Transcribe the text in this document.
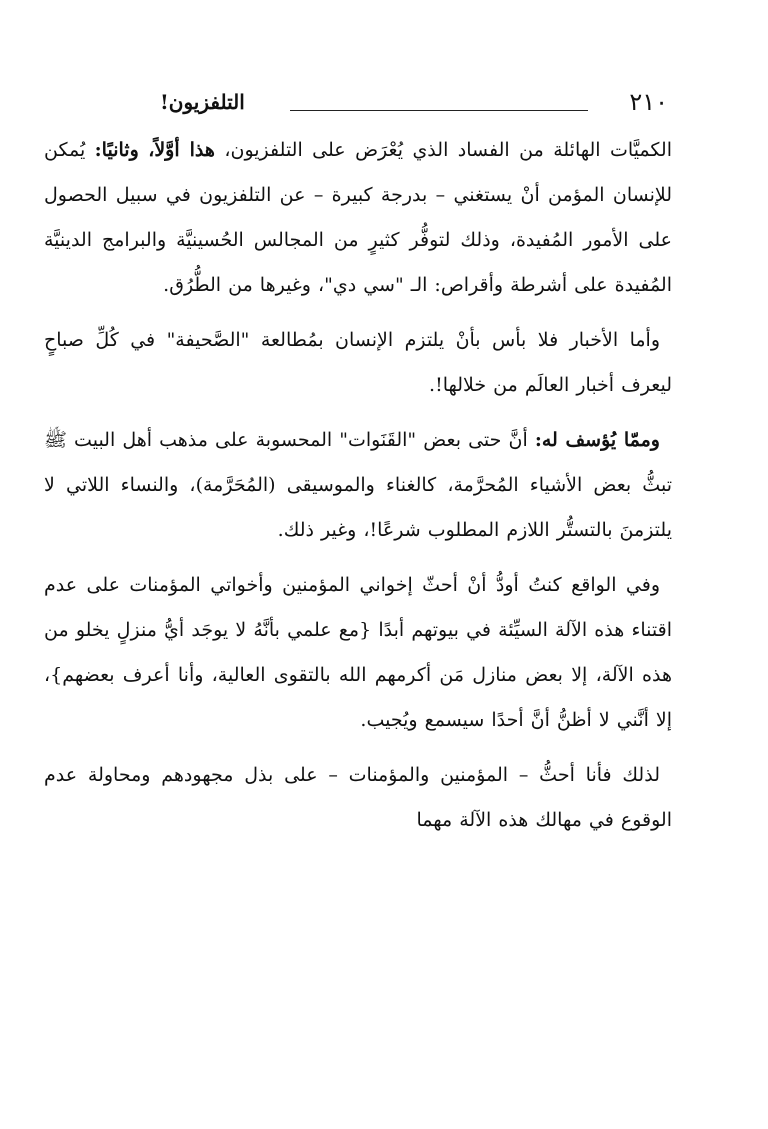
٢١٠
التلفزيون!

الكميَّات الهائلة من الفساد الذي يُعْرَض على التلفزيون، هذا أوَّلاً، وثانيًا: يُمكن للإنسان المؤمن أنْ يستغني – بدرجة كبيرة – عن التلفزيون في سبيل الحصول على الأمور المُفيدة، وذلك لتوفُّر كثيرٍ من المجالس الحُسينيَّة والبرامج الدينيَّة المُفيدة على أشرطة وأقراص: الـ "سي دي"، وغيرها من الطُّرُق.

وأما الأخبار فلا بأس بأنْ يلتزم الإنسان بمُطالعة "الصَّحيفة" في كُلِّ صباحٍ ليعرف أخبار العالَم من خلالها!.

وممّا يُؤسف له: أنَّ حتى بعض "القَنَوات" المحسوبة على مذهب أهل البيت ﷺ تبثُّ بعض الأشياء المُحرَّمة، كالغناء والموسيقى (المُحَرَّمة)، والنساء اللاتي لا يلتزمنَ بالتستُّر اللازم المطلوب شرعًا!، وغير ذلك.

وفي الواقع كنتُ أودُّ أنْ أحثّ إخواني المؤمنين وأخواتي المؤمنات على عدم اقتناء هذه الآلة السيِّئة في بيوتهم أبدًا {مع علمي بأنَّهُ لا يوجَد أيُّ منزلٍ يخلو من هذه الآلة، إلا بعض منازل مَن أكرمهم الله بالتقوى العالية، وأنا أعرف بعضهم}، إلا أنَّني لا أظنُّ أنَّ أحدًا سيسمع ويُجيب.

لذلك فأنا أحثُّ – المؤمنين والمؤمنات – على بذل مجهودهم ومحاولة عدم الوقوع في مهالك هذه الآلة مهما
